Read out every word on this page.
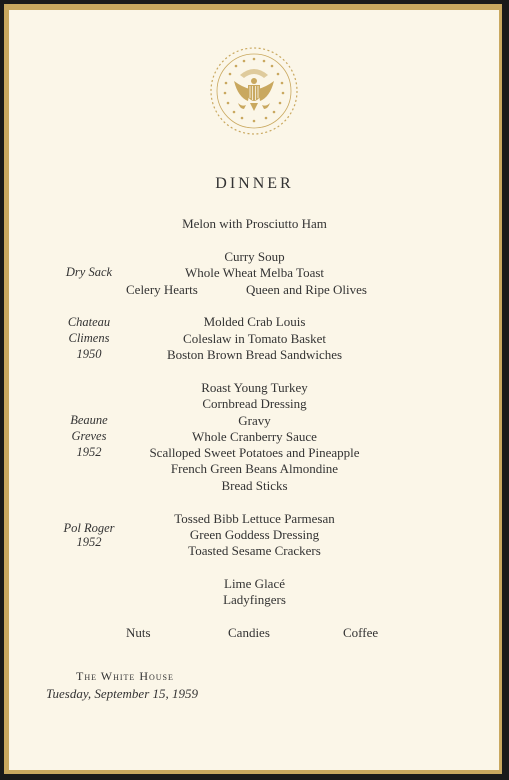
DINNER
Melon with Prosciutto Ham
Curry Soup
Whole Wheat Melba Toast
Celery Hearts	Queen and Ripe Olives
Dry Sack
Molded Crab Louis
Coleslaw in Tomato Basket
Boston Brown Bread Sandwiches
Chateau
Climens
1950
Roast Young Turkey
Cornbread Dressing
Gravy
Whole Cranberry Sauce
Scalloped Sweet Potatoes and Pineapple
French Green Beans Almondine
Bread Sticks
Beaune
Greves
1952
Tossed Bibb Lettuce Parmesan
Green Goddess Dressing
Toasted Sesame Crackers
Pol Roger
1952
Lime Glacé
Ladyfingers
Nuts	Candies	Coffee
The White House
Tuesday, September 15, 1959
